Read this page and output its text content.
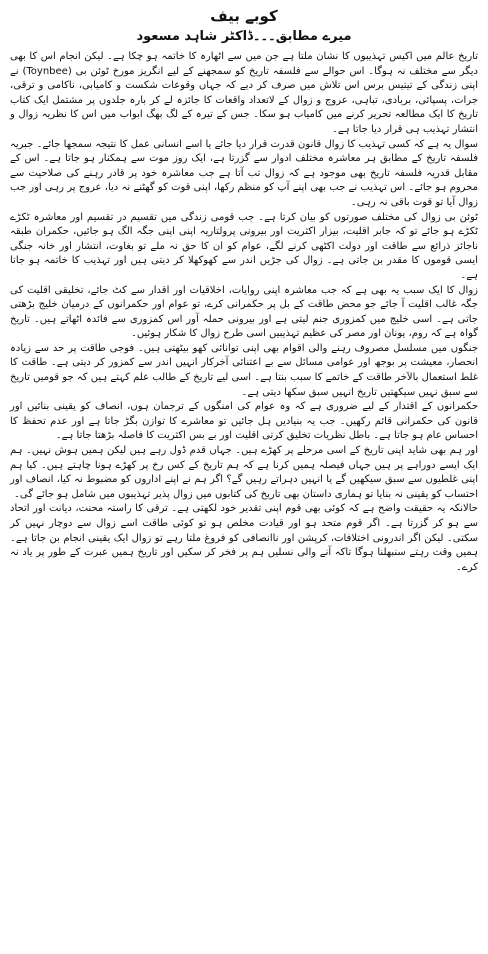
کوبے بیف
میرے مطابق۔۔۔ڈاکٹر شاہد مسعود

تاریخ عالم میں اکیس تہذیبوں کا نشان ملتا ہے جن میں سے اٹھارہ کا خاتمہ ہو چکا ہے۔ لیکن انجام اس کا بھی دیگر سے مختلف نہ ہوگا۔ اس حوالے سے فلسفہ تاریخ کو سمجھنے کے لیے انگریز مورخ ٹوئن بی (Toynbee) نے اپنی زندگی کے تیتیس برس اس تلاش میں صرف کر دیے کہ جہاں وقوعات شکست و کامیابی، ناکامی و ترقی، جرات، پسپائی، بربادی، تباہی، عروج و زوال کے لاتعداد واقعات کا جائزہ لے کر بارہ جلدوں پر مشتمل ایک کتاب تاریخ کا ایک مطالعہ تحریر کرنے میں کامیاب ہو سکا۔ جس کے تیرہ کے لگ بھگ ابواب میں اس کا نظریہ زوال و انتشار تہذیب ہی قرار دیا جاتا ہے۔

سوال یہ ہے کہ کسی تہذیب کا زوال قانون قدرت قرار دیا جائے یا اسے انسانی عمل کا نتیجہ سمجھا جائے۔ جبریہ فلسفہ تاریخ کے مطابق ہر معاشرہ مختلف ادوار سے گزرتا ہے، ایک روز موت سے ہمکنار ہو جاتا ہے۔ اس کے مقابل قدریہ فلسفہ تاریخ بھی موجود ہے کہ زوال تب آتا ہے جب معاشرہ خود پر قادر رہنے کی صلاحیت سے محروم ہو جائے۔ اس تہذیب نے جب بھی اپنے آپ کو منظم رکھا، اپنی قوت کو گھٹنے نہ دیا، عروج پر رہی اور جب زوال آیا تو قوت باقی نہ رہی۔

ٹوئن بی زوال کی مختلف صورتوں کو بیان کرتا ہے۔ جب قومی زندگی میں تقسیم در تقسیم اور معاشرہ ٹکڑے ٹکڑے ہو جائے تو کہ جابر اقلیت، بیزار اکثریت اور بیرونی پرولتاریہ اپنی اپنی جگہ الگ ہو جائیں، حکمران طبقہ ناجائز ذرائع سے طاقت اور دولت اکٹھی کرنے لگے، عوام کو ان کا حق نہ ملے تو بغاوت، انتشار اور خانہ جنگی ایسی قوموں کا مقدر بن جاتی ہے۔ زوال کی جڑیں اندر سے کھوکھلا کر دیتی ہیں اور تہذیب کا خاتمہ ہو جاتا ہے۔

زوال کا ایک سبب یہ بھی ہے کہ جب معاشرہ اپنی روایات، اخلاقیات اور اقدار سے کٹ جائے، تخلیقی اقلیت کی جگہ غالب اقلیت آ جائے جو محض طاقت کے بل پر حکمرانی کرے، تو عوام اور حکمرانوں کے درمیان خلیج بڑھتی جاتی ہے۔ اسی خلیج میں کمزوری جنم لیتی ہے اور بیرونی حملہ آور اس کمزوری سے فائدہ اٹھاتے ہیں۔ تاریخ گواہ ہے کہ روم، یونان اور مصر کی عظیم تہذیبیں اسی طرح زوال کا شکار ہوئیں۔

جنگوں میں مسلسل مصروف رہنے والی اقوام بھی اپنی توانائی کھو بیٹھتی ہیں۔ فوجی طاقت پر حد سے زیادہ انحصار، معیشت پر بوجھ اور عوامی مسائل سے بے اعتنائی آخرکار انہیں اندر سے کمزور کر دیتی ہے۔ طاقت کا غلط استعمال بالآخر طاقت کے خاتمے کا سبب بنتا ہے۔ اسی لیے تاریخ کے طالب علم کہتے ہیں کہ جو قومیں تاریخ سے سبق نہیں سیکھتیں تاریخ انہیں سبق سکھا دیتی ہے۔

حکمرانوں کے اقتدار کے لیے ضروری ہے کہ وہ عوام کی امنگوں کے ترجمان ہوں، انصاف کو یقینی بنائیں اور قانون کی حکمرانی قائم رکھیں۔ جب یہ بنیادیں ہل جائیں تو معاشرے کا توازن بگڑ جاتا ہے اور عدم تحفظ کا احساس عام ہو جاتا ہے۔ باطل نظریات تخلیق کرتی اقلیت اور بے بس اکثریت کا فاصلہ بڑھتا جاتا ہے۔

اور ہم بھی شاید اپنی تاریخ کے اسی مرحلے پر کھڑے ہیں۔ جہاں قدم ڈول رہے ہیں لیکن ہمیں ہوش نہیں۔ ہم ایک ایسے دوراہے پر ہیں جہاں فیصلہ ہمیں کرنا ہے کہ ہم تاریخ کے کس رخ پر کھڑے ہونا چاہتے ہیں۔ کیا ہم اپنی غلطیوں سے سبق سیکھیں گے یا انہیں دہراتے رہیں گے؟ اگر ہم نے اپنے اداروں کو مضبوط نہ کیا، انصاف اور احتساب کو یقینی نہ بنایا تو ہماری داستان بھی تاریخ کی کتابوں میں زوال پذیر تہذیبوں میں شامل ہو جائے گی۔

حالانکہ یہ حقیقت واضح ہے کہ کوئی بھی قوم اپنی تقدیر خود لکھتی ہے۔ ترقی کا راستہ محنت، دیانت اور اتحاد سے ہو کر گزرتا ہے۔ اگر قوم متحد ہو اور قیادت مخلص ہو تو کوئی طاقت اسے زوال سے دوچار نہیں کر سکتی۔ لیکن اگر اندرونی اختلافات، کرپشن اور ناانصافی کو فروغ ملتا رہے تو زوال ایک یقینی انجام بن جاتا ہے۔ ہمیں وقت رہتے سنبھلنا ہوگا تاکہ آنے والی نسلیں ہم پر فخر کر سکیں اور تاریخ ہمیں عبرت کے طور پر یاد نہ کرے۔
